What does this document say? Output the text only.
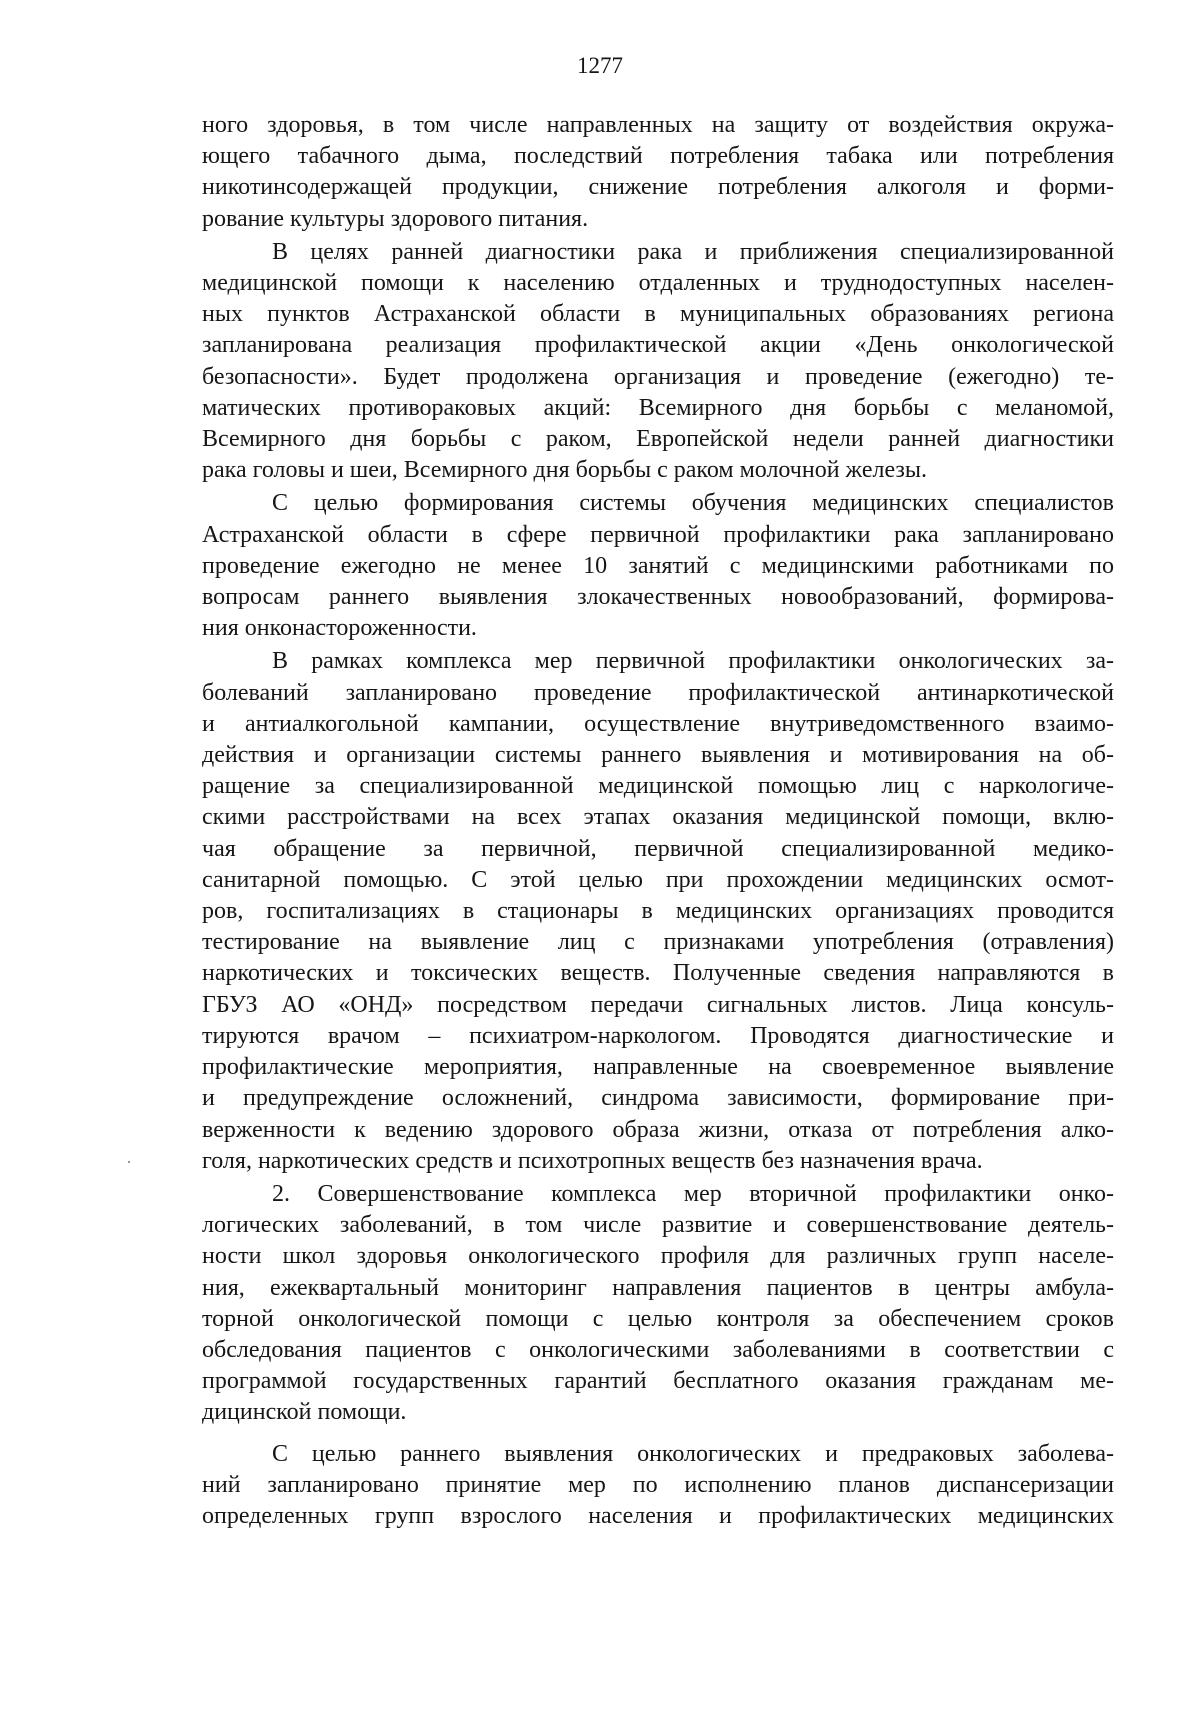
1277

ного здоровья, в том числе направленных на защиту от воздействия окружа-
ющего табачного дыма, последствий потребления табака или потребления
никотинсодержащей продукции, снижение потребления алкоголя и форми-
рование культуры здорового питания.

В целях ранней диагностики рака и приближения специализированной
медицинской помощи к населению отдаленных и труднодоступных населен-
ных пунктов Астраханской области в муниципальных образованиях региона
запланирована реализация профилактической акции «День онкологической
безопасности». Будет продолжена организация и проведение (ежегодно) те-
матических противораковых акций: Всемирного дня борьбы с меланомой,
Всемирного дня борьбы с раком, Европейской недели ранней диагностики
рака головы и шеи, Всемирного дня борьбы с раком молочной железы.

С целью формирования системы обучения медицинских специалистов
Астраханской области в сфере первичной профилактики рака запланировано
проведение ежегодно не менее 10 занятий с медицинскими работниками по
вопросам раннего выявления злокачественных новообразований, формирова-
ния онконастороженности.

В рамках комплекса мер первичной профилактики онкологических за-
болеваний запланировано проведение профилактической антинаркотической
и антиалкогольной кампании, осуществление внутриведомственного взаимо-
действия и организации системы раннего выявления и мотивирования на об-
ращение за специализированной медицинской помощью лиц с наркологиче-
скими расстройствами на всех этапах оказания медицинской помощи, вклю-
чая обращение за первичной, первичной специализированной медико-
санитарной помощью. С этой целью при прохождении медицинских осмот-
ров, госпитализациях в стационары в медицинских организациях проводится
тестирование на выявление лиц с признаками употребления (отравления)
наркотических и токсических веществ. Полученные сведения направляются в
ГБУЗ АО «ОНД» посредством передачи сигнальных листов. Лица консуль-
тируются врачом – психиатром-наркологом. Проводятся диагностические и
профилактические мероприятия, направленные на своевременное выявление
и предупреждение осложнений, синдрома зависимости, формирование при-
верженности к ведению здорового образа жизни, отказа от потребления алко-
голя, наркотических средств и психотропных веществ без назначения врача.

2. Совершенствование комплекса мер вторичной профилактики онко-
логических заболеваний, в том числе развитие и совершенствование деятель-
ности школ здоровья онкологического профиля для различных групп населе-
ния, ежеквартальный мониторинг направления пациентов в центры амбула-
торной онкологической помощи с целью контроля за обеспечением сроков
обследования пациентов с онкологическими заболеваниями в соответствии с
программой государственных гарантий бесплатного оказания гражданам ме-
дицинской помощи.

С целью раннего выявления онкологических и предраковых заболева-
ний запланировано принятие мер по исполнению планов диспансеризации
определенных групп взрослого населения и профилактических медицинских
